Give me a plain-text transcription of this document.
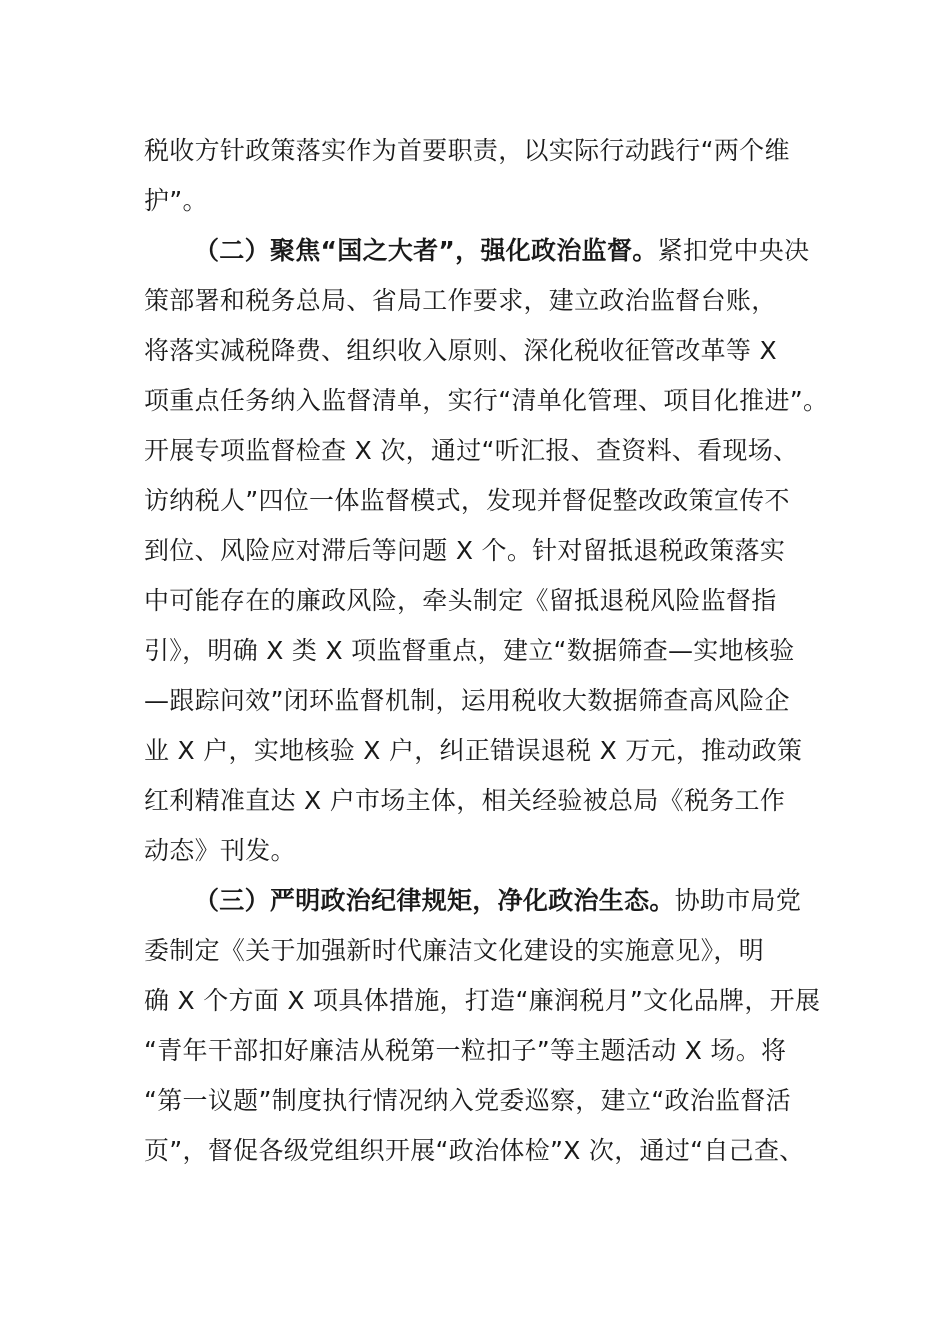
税收方针政策落实作为首要职责，以实际行动践行“两个维
护”。
（二）聚焦“国之大者”，强化政治监督。紧扣党中央决
策部署和税务总局、省局工作要求，建立政治监督台账，
将落实减税降费、组织收入原则、深化税收征管改革等 X
项重点任务纳入监督清单，实行“清单化管理、项目化推进”。
开展专项监督检查 X 次，通过“听汇报、查资料、看现场、
访纳税人”四位一体监督模式，发现并督促整改政策宣传不
到位、风险应对滞后等问题 X 个。针对留抵退税政策落实
中可能存在的廉政风险，牵头制定《留抵退税风险监督指
引》，明确 X 类 X 项监督重点，建立“数据筛查—实地核验
—跟踪问效”闭环监督机制，运用税收大数据筛查高风险企
业 X 户，实地核验 X 户，纠正错误退税 X 万元，推动政策
红利精准直达 X 户市场主体，相关经验被总局《税务工作
动态》刊发。
（三）严明政治纪律规矩，净化政治生态。协助市局党
委制定《关于加强新时代廉洁文化建设的实施意见》，明
确 X 个方面 X 项具体措施，打造“廉润税月”文化品牌，开展
“青年干部扣好廉洁从税第一粒扣子”等主题活动 X 场。将
“第一议题”制度执行情况纳入党委巡察，建立“政治监督活
页”，督促各级党组织开展“政治体检”X 次，通过“自己查、
